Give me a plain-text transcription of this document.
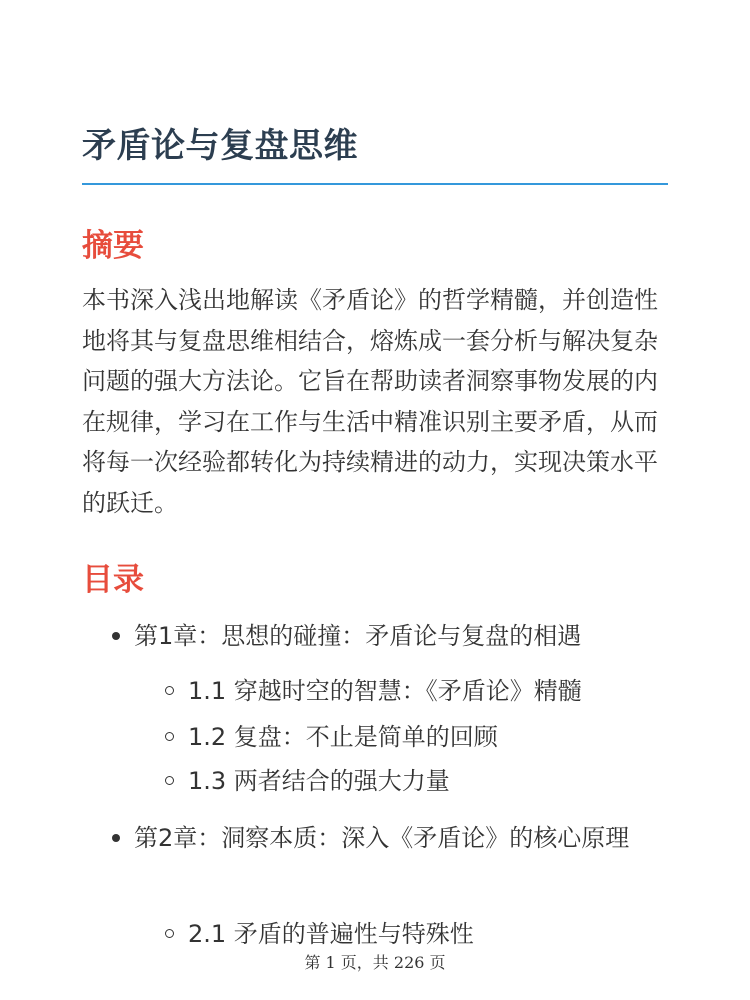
矛盾论与复盘思维
摘要

本书深入浅出地解读《矛盾论》的哲学精髓，并创造性地将其与复盘思维相结合，熔炼成一套分析与解决复杂问题的强大方法论。它旨在帮助读者洞察事物发展的内在规律，学习在工作与生活中精准识别主要矛盾，从而将每一次经验都转化为持续精进的动力，实现决策水平的跃迁。

目录
第1章：思想的碰撞：矛盾论与复盘的相遇
1.1 穿越时空的智慧：《矛盾论》精髓
1.2 复盘：不止是简单的回顾
1.3 两者结合的强大力量
第2章：洞察本质：深入《矛盾论》的核心原理
2.1 矛盾的普遍性与特殊性
第 1 页，共 226 页
